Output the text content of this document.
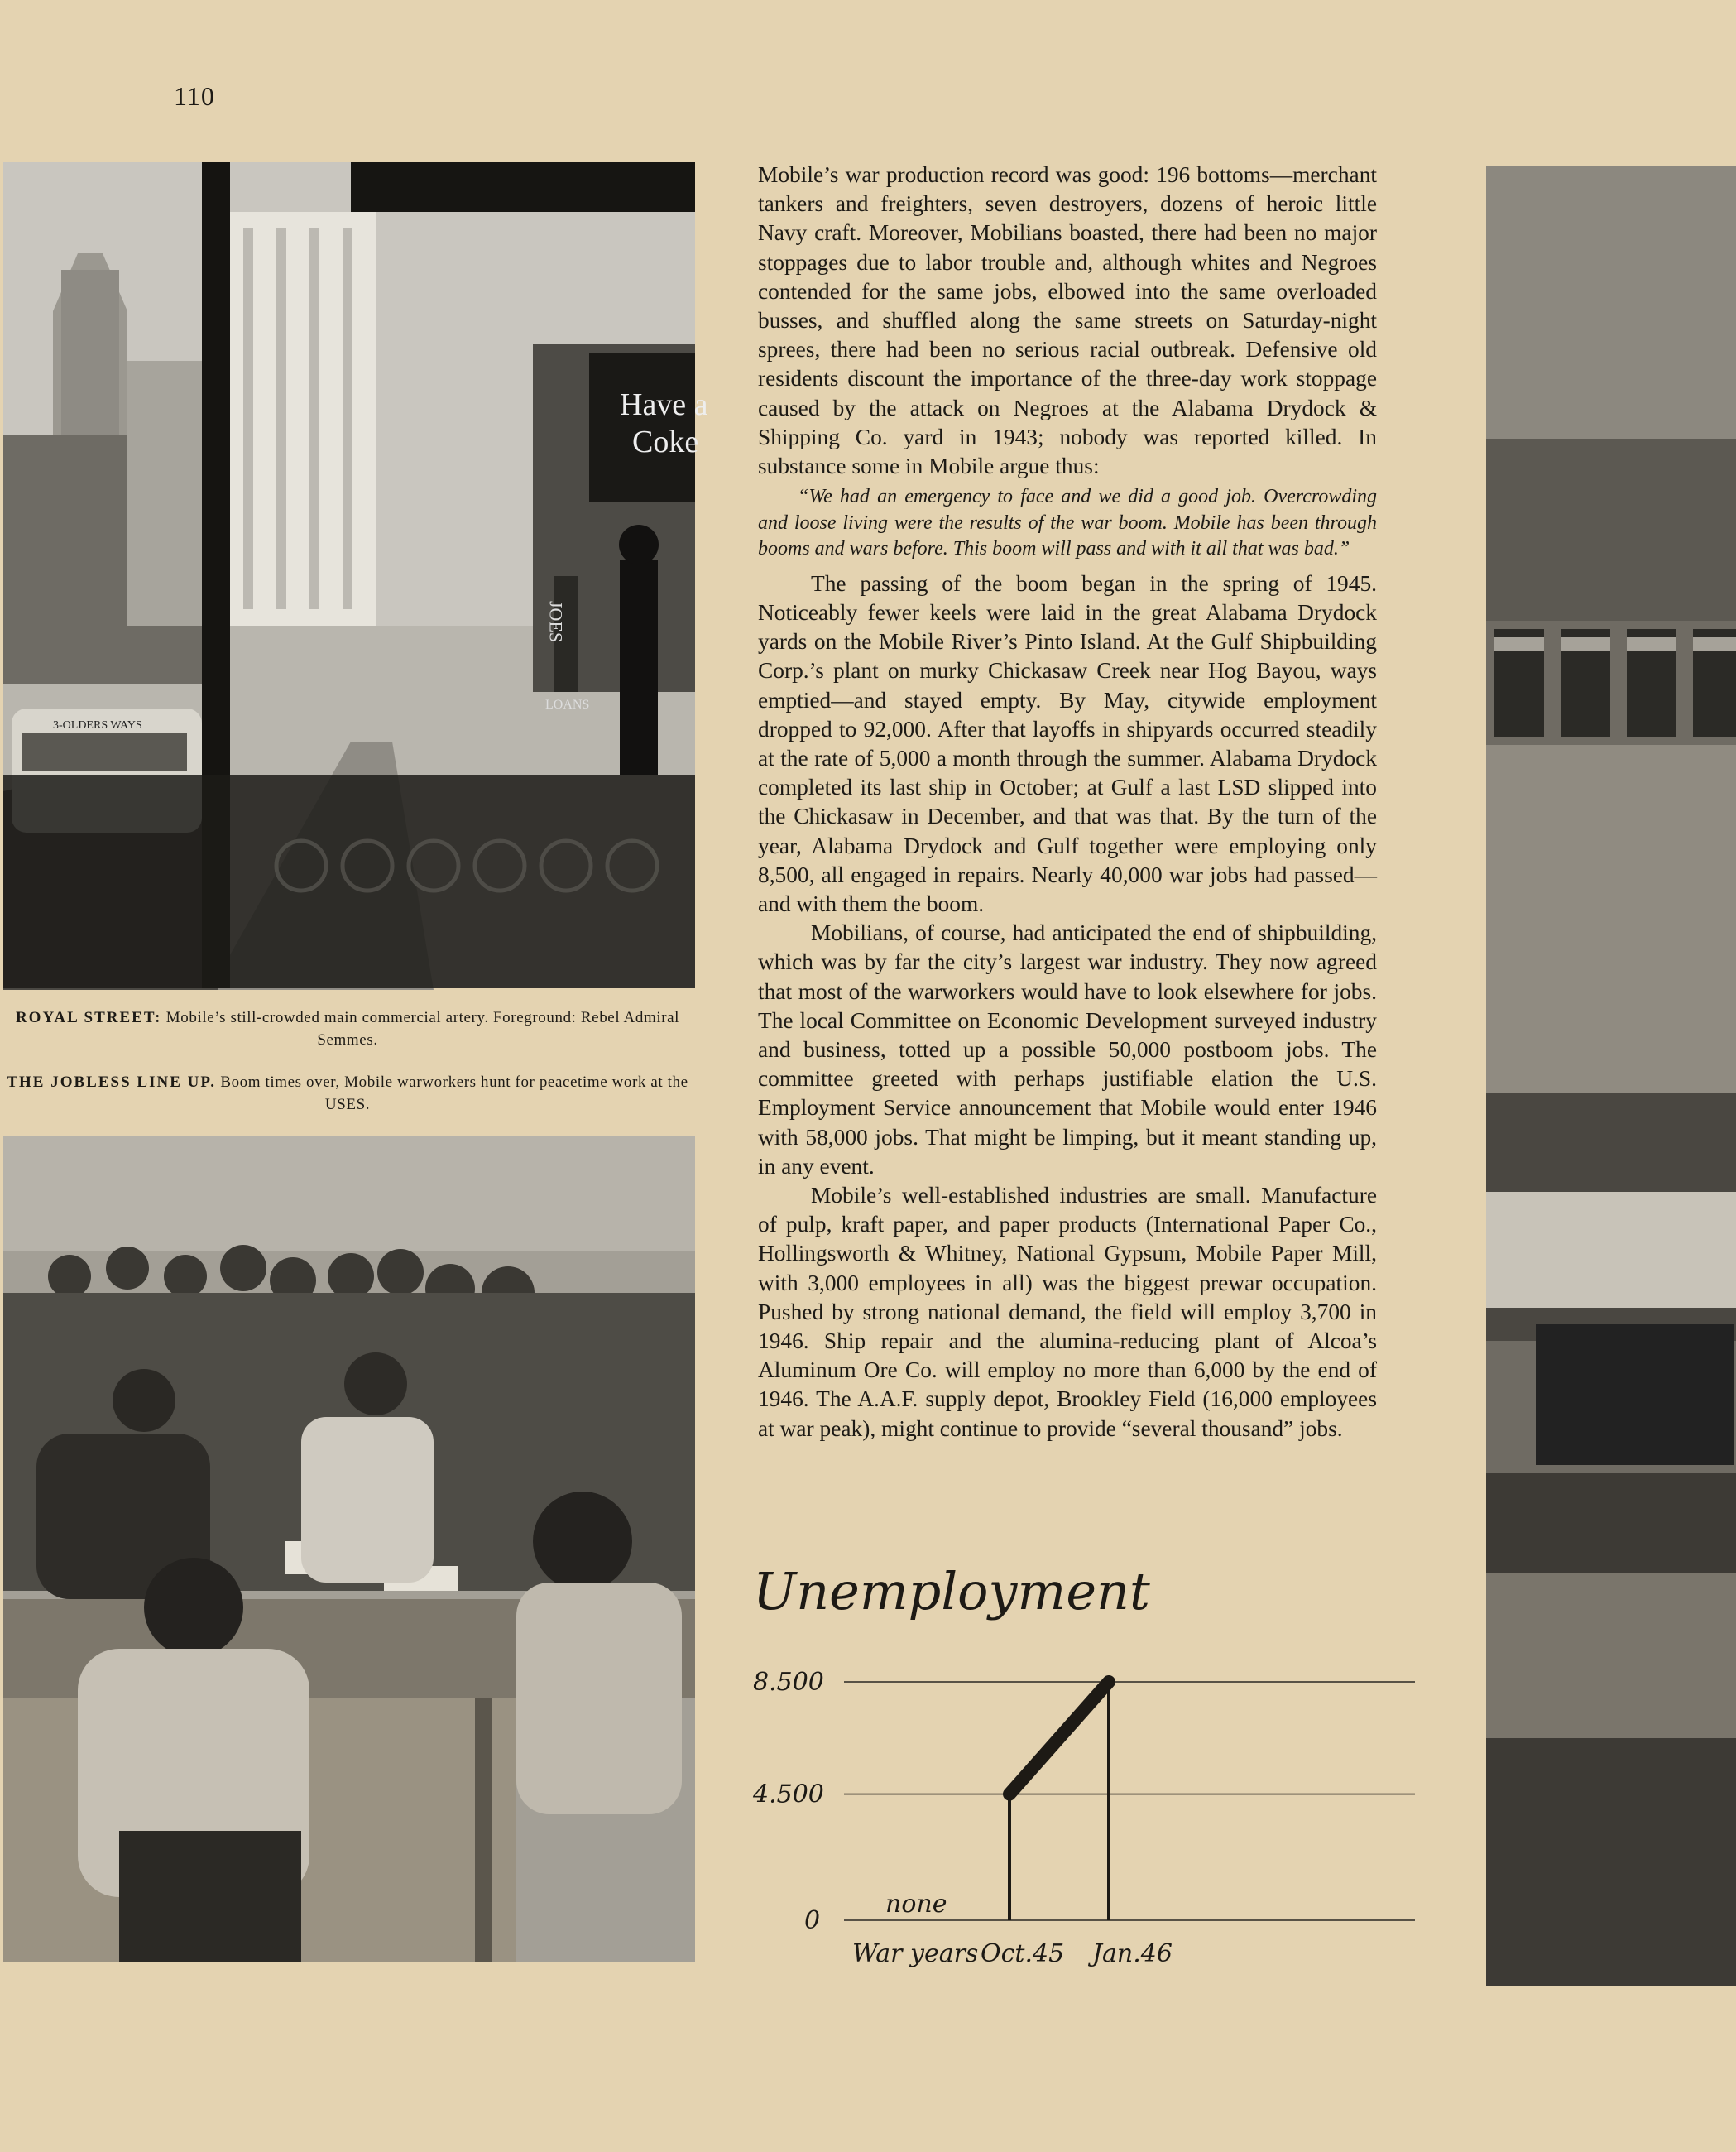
110
3-OLDERS WAYS
Have a
Coke
JOES
LOANS
ROYAL STREET: Mobile’s still-crowded main commercial artery. Foreground: Rebel Admiral Semmes.
THE JOBLESS LINE UP. Boom times over, Mobile warworkers hunt for peacetime work at the USES.

Mobile’s war production record was good: 196 bottoms—merchant tankers and freighters, seven destroyers, dozens of heroic little Navy craft. Moreover, Mobilians boasted, there had been no major stoppages due to labor trouble and, although whites and Negroes contended for the same jobs, elbowed into the same overloaded busses, and shuffled along the same streets on Saturday-night sprees, there had been no serious racial outbreak. Defensive old residents discount the importance of the three-day work stoppage caused by the attack on Negroes at the Alabama Drydock & Shipping Co. yard in 1943; nobody was reported killed. In substance some in Mobile argue thus:

“We had an emergency to face and we did a good job. Overcrowding and loose living were the results of the war boom. Mobile has been through booms and wars before. This boom will pass and with it all that was bad.”

The passing of the boom began in the spring of 1945. Noticeably fewer keels were laid in the great Alabama Drydock yards on the Mobile River’s Pinto Island. At the Gulf Shipbuilding Corp.’s plant on murky Chickasaw Creek near Hog Bayou, ways emptied—and stayed empty. By May, citywide employment dropped to 92,000. After that layoffs in shipyards occurred steadily at the rate of 5,000 a month through the summer. Alabama Drydock completed its last ship in October; at Gulf a last LSD slipped into the Chickasaw in December, and that was that. By the turn of the year, Alabama Drydock and Gulf together were employing only 8,500, all engaged in repairs. Nearly 40,000 war jobs had passed—and with them the boom.

Mobilians, of course, had anticipated the end of shipbuilding, which was by far the city’s largest war industry. They now agreed that most of the warworkers would have to look elsewhere for jobs. The local Committee on Economic Development surveyed industry and business, totted up a possible 50,000 postboom jobs. The committee greeted with perhaps justifiable elation the U.S. Employment Service announcement that Mobile would enter 1946 with 58,000 jobs. That might be limping, but it meant standing up, in any event.

Mobile’s well-established industries are small. Manufacture of pulp, kraft paper, and paper products (International Paper Co., Hollingsworth & Whitney, National Gypsum, Mobile Paper Mill, with 3,000 employees in all) was the biggest prewar occupation. Pushed by strong national demand, the field will employ 3,700 in 1946. Ship repair and the alumina-reducing plant of Alcoa’s Aluminum Ore Co. will employ no more than 6,000 by the end of 1946. The A.A.F. supply depot, Brookley Field (16,000 employees at war peak), might continue to provide “several thousand” jobs.

Unemployment
0
4.500
8.500
War years Oct.45 Jan.46
none
